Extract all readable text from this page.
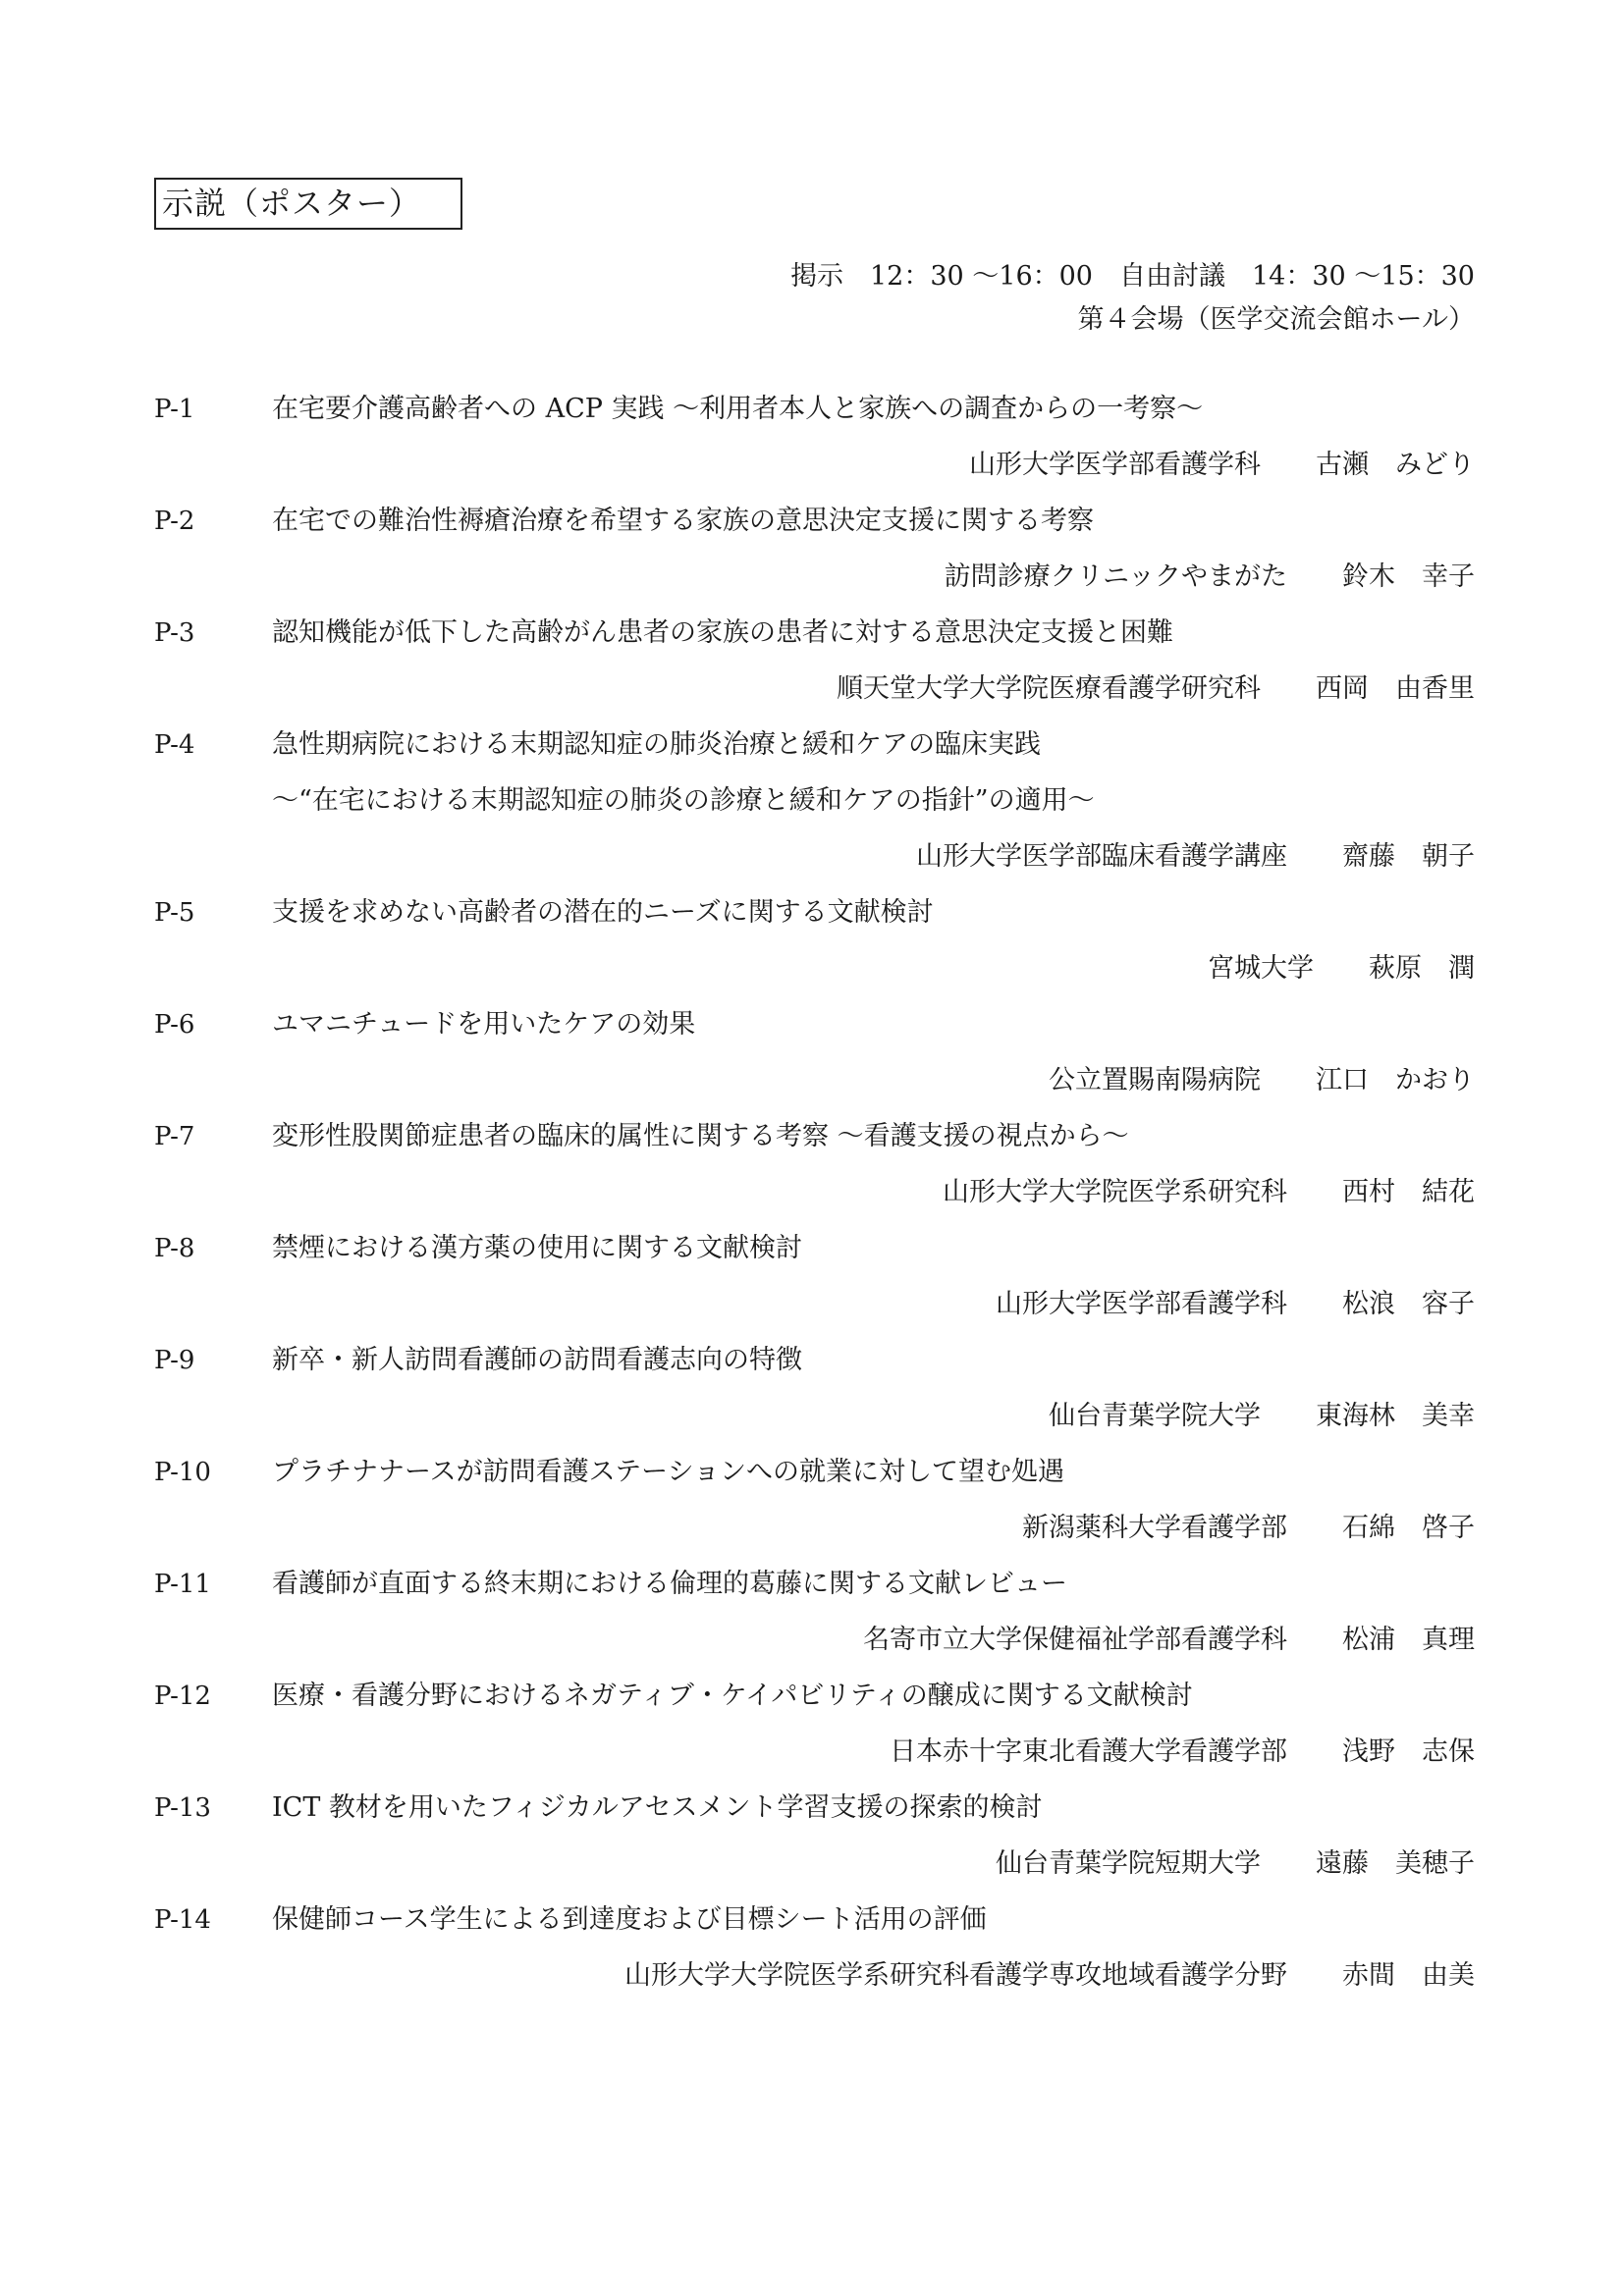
示説（ポスター）
掲示　12：30 ～16：00　自由討議　14：30 ～15：30
第４会場（医学交流会館ホール）
P-1	在宅要介護高齢者への ACP 実践 ～利用者本人と家族への調査からの一考察～
山形大学医学部看護学科 古瀬　みどり
P-2	在宅での難治性褥瘡治療を希望する家族の意思決定支援に関する考察
訪問診療クリニックやまがた 鈴木　幸子
P-3	認知機能が低下した高齢がん患者の家族の患者に対する意思決定支援と困難
順天堂大学大学院医療看護学研究科 西岡　由香里
P-4	急性期病院における末期認知症の肺炎治療と緩和ケアの臨床実践
～“在宅における末期認知症の肺炎の診療と緩和ケアの指針”の適用～
山形大学医学部臨床看護学講座 齋藤　朝子
P-5	支援を求めない高齢者の潜在的ニーズに関する文献検討
宮城大学 萩原　潤
P-6	ユマニチュードを用いたケアの効果
公立置賜南陽病院 江口　かおり
P-7	変形性股関節症患者の臨床的属性に関する考察 ～看護支援の視点から～
山形大学大学院医学系研究科 西村　結花
P-8	禁煙における漢方薬の使用に関する文献検討
山形大学医学部看護学科 松浪　容子
P-9	新卒・新人訪問看護師の訪問看護志向の特徴
仙台青葉学院大学 東海林　美幸
P-10 プラチナナースが訪問看護ステーションへの就業に対して望む処遇
新潟薬科大学看護学部 石綿　啓子
P-11 看護師が直面する終末期における倫理的葛藤に関する文献レビュー
名寄市立大学保健福祉学部看護学科 松浦　真理
P-12 医療・看護分野におけるネガティブ・ケイパビリティの醸成に関する文献検討
日本赤十字東北看護大学看護学部 浅野　志保
P-13 ICT 教材を用いたフィジカルアセスメント学習支援の探索的検討
仙台青葉学院短期大学 遠藤　美穂子
P-14 保健師コース学生による到達度および目標シート活用の評価
山形大学大学院医学系研究科看護学専攻地域看護学分野 赤間　由美
